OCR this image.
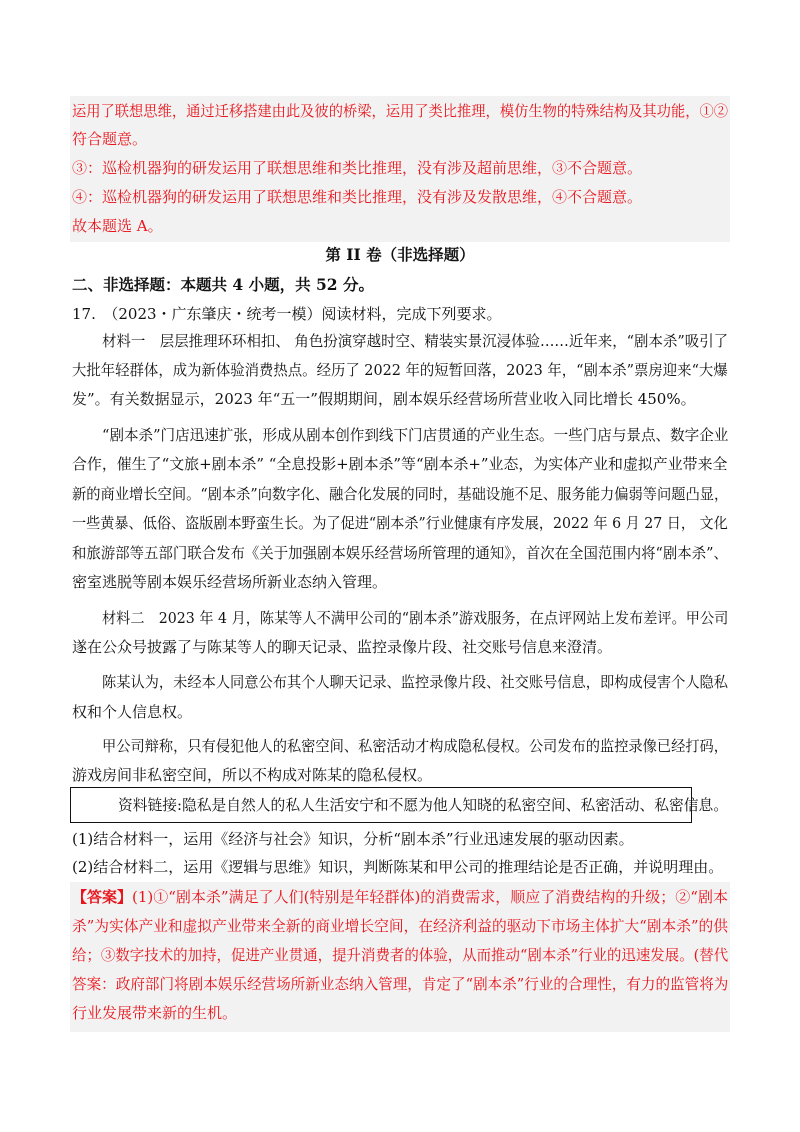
运用了联想思维，通过迁移搭建由此及彼的桥梁，运用了类比推理，模仿生物的特殊结构及其功能，①②
符合题意。
③：巡检机器狗的研发运用了联想思维和类比推理，没有涉及超前思维，③不合题意。
④：巡检机器狗的研发运用了联想思维和类比推理，没有涉及发散思维，④不合题意。
故本题选 A。
第 II 卷（非选择题）
二、非选择题：本题共 4 小题，共 52 分。
17.　（2023・广东肇庆・统考一模）阅读材料，完成下列要求。
材料一　层层推理环环相扣、 角色扮演穿越时空、精装实景沉浸体验……近年来，“剧本杀”吸引了
大批年轻群体，成为新体验消费热点。经历了 2022 年的短暂回落，2023 年，“剧本杀”票房迎来“大爆
发”。有关数据显示，2023 年“五一”假期期间，剧本娱乐经营场所营业收入同比增长 450%。
“剧本杀”门店迅速扩张，形成从剧本创作到线下门店贯通的产业生态。一些门店与景点、数字企业
合作，催生了“文旅+剧本杀” “全息投影+剧本杀”等“剧本杀+”业态，为实体产业和虚拟产业带来全
新的商业增长空间。“剧本杀”向数字化、融合化发展的同时，基础设施不足、服务能力偏弱等问题凸显，
一些黄暴、低俗、盗版剧本野蛮生长。为了促进“剧本杀”行业健康有序发展，2022 年 6 月 27 日， 文化
和旅游部等五部门联合发布《关于加强剧本娱乐经营场所管理的通知》，首次在全国范围内将“剧本杀”、
密室逃脱等剧本娱乐经营场所新业态纳入管理。
材料二　2023 年 4 月，陈某等人不满甲公司的“剧本杀”游戏服务，在点评网站上发布差评。甲公司
遂在公众号披露了与陈某等人的聊天记录、监控录像片段、社交账号信息来澄清。
陈某认为，未经本人同意公布其个人聊天记录、监控录像片段、社交账号信息，即构成侵害个人隐私
权和个人信息权。
甲公司辩称，只有侵犯他人的私密空间、私密活动才构成隐私侵权。公司发布的监控录像已经打码，
游戏房间非私密空间，所以不构成对陈某的隐私侵权。
资料链接:隐私是自然人的私人生活安宁和不愿为他人知晓的私密空间、私密活动、私密信息。
(1)结合材料一，运用《经济与社会》知识，分析“剧本杀”行业迅速发展的驱动因素。
(2)结合材料二，运用《逻辑与思维》知识，判断陈某和甲公司的推理结论是否正确，并说明理由。
【答案】(1)①“剧本杀”满足了人们(特别是年轻群体)的消费需求，顺应了消费结构的升级；②“剧本
杀”为实体产业和虚拟产业带来全新的商业增长空间，在经济利益的驱动下市场主体扩大“剧本杀”的供
给；③数字技术的加持，促进产业贯通，提升消费者的体验，从而推动“剧本杀”行业的迅速发展。(替代
答案：政府部门将剧本娱乐经营场所新业态纳入管理，肯定了“剧本杀”行业的合理性，有力的监管将为
行业发展带来新的生机。
